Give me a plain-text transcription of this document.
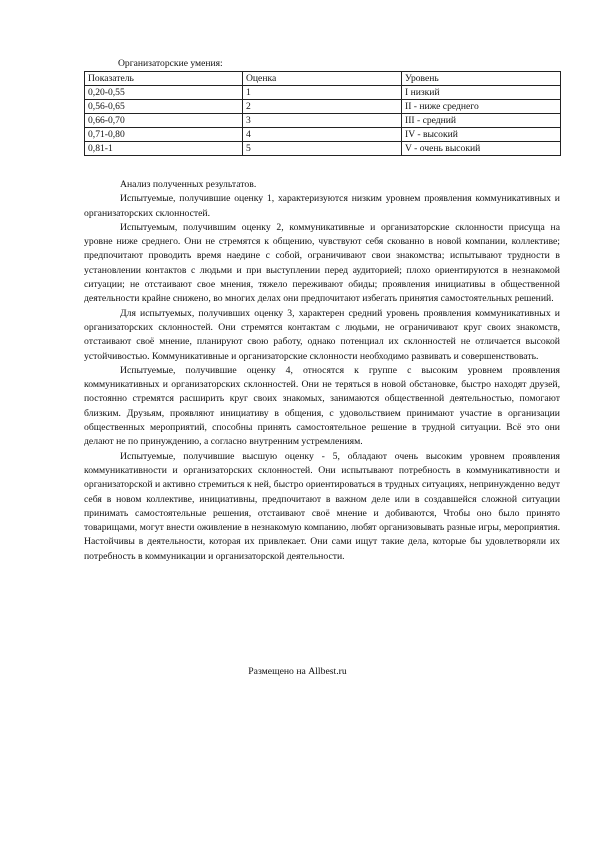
Организаторские умения:
Показатель	Оценка	Уровень
0,20-0,55	1	I низкий
0,56-0,65	2	II - ниже среднего
0,66-0,70	3	III - средний
0,71-0,80	4	IV - высокий
0,81-1	5	V - очень высокий

Анализ полученных результатов.

Испытуемые, получившие оценку 1, характеризуются низким уровнем проявления коммуникативных и организаторских склонностей.

Испытуемым, получившим оценку 2, коммуникативные и организаторские склонности присуща на уровне ниже среднего. Они не стремятся к общению, чувствуют себя скованно в новой компании, коллективе; предпочитают проводить время наедине с собой, ограничивают свои знакомства; испытывают трудности в установлении контактов с людьми и при выступлении перед аудиторией; плохо ориентируются в незнакомой ситуации; не отстаивают свое мнения, тяжело переживают обиды; проявления инициативы в общественной деятельности крайне снижено, во многих делах они предпочитают избегать принятия самостоятельных решений.

Для испытуемых, получивших оценку 3, характерен средний уровень проявления коммуникативных и организаторских склонностей. Они стремятся контактам с людьми, не ограничивают круг своих знакомств, отстаивают своё мнение, планируют свою работу, однако потенциал их склонностей не отличается высокой устойчивостью. Коммуникативные и организаторские склонности необходимо развивать и совершенствовать.

Испытуемые, получившие оценку 4, относятся к группе с высоким уровнем проявления коммуникативных и организаторских склонностей. Они не теряться в новой обстановке, быстро находят друзей, постоянно стремятся расширить круг своих знакомых, занимаются общественной деятельностью, помогают близким. Друзьям, проявляют инициативу в общения, с удовольствием принимают участие в организации общественных мероприятий, способны принять самостоятельное решение в трудной ситуации. Всё это они делают не по принуждению, а согласно внутренним устремлениям.

Испытуемые, получившие высшую оценку - 5, обладают очень высоким уровнем проявления коммуникативности и организаторских склонностей. Они испытывают потребность в коммуникативности и организаторской и активно стремиться к ней, быстро ориентироваться в трудных ситуациях, непринужденно ведут себя в новом коллективе, инициативны, предпочитают в важном деле или в создавшейся сложной ситуации принимать самостоятельные решения, отстаивают своё мнение и добиваются, Чтобы оно было принято товарищами, могут внести оживление в незнакомую компанию, любят организовывать разные игры, мероприятия. Настойчивы в деятельности, которая их привлекает. Они сами ищут такие дела, которые бы удовлетворяли их потребность в коммуникации и организаторской деятельности.

Размещено на Allbest.ru
